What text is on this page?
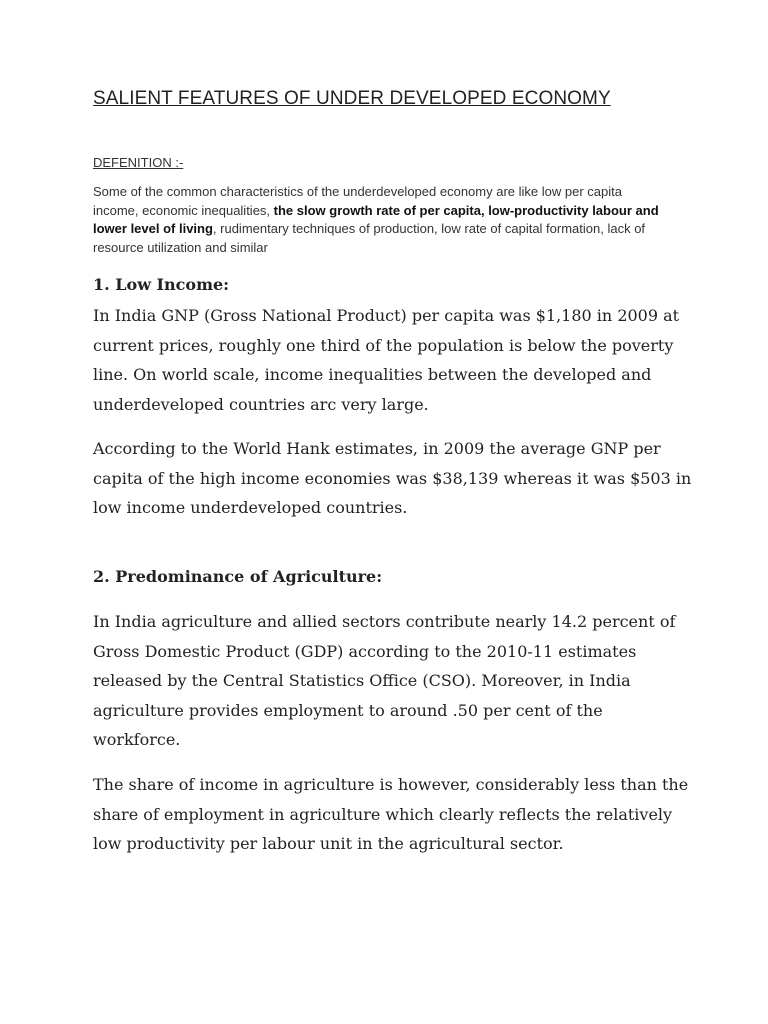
SALIENT FEATURES OF UNDER DEVELOPED ECONOMY
DEFENITION :-

Some of the common characteristics of the underdeveloped economy are like low per capita income, economic inequalities, the slow growth rate of per capita, low-productivity labour and lower level of living, rudimentary techniques of production, low rate of capital formation, lack of resource utilization and similar

1. Low Income:

In India GNP (Gross National Product) per capita was $1,180 in 2009 at current prices, roughly one third of the population is below the poverty line. On world scale, income inequalities between the developed and underdeveloped countries arc very large.

According to the World Hank estimates, in 2009 the average GNP per capita of the high income economies was $38,139 whereas it was $503 in low income underdeveloped countries.

2. Predominance of Agriculture:

In India agriculture and allied sectors contribute nearly 14.2 percent of Gross Domestic Product (GDP) according to the 2010-11 estimates released by the Central Statistics Office (CSO). Moreover, in India agriculture provides employment to around .50 per cent of the workforce.

The share of income in agriculture is however, considerably less than the share of employment in agriculture which clearly reflects the relatively low productivity per labour unit in the agricultural sector.
